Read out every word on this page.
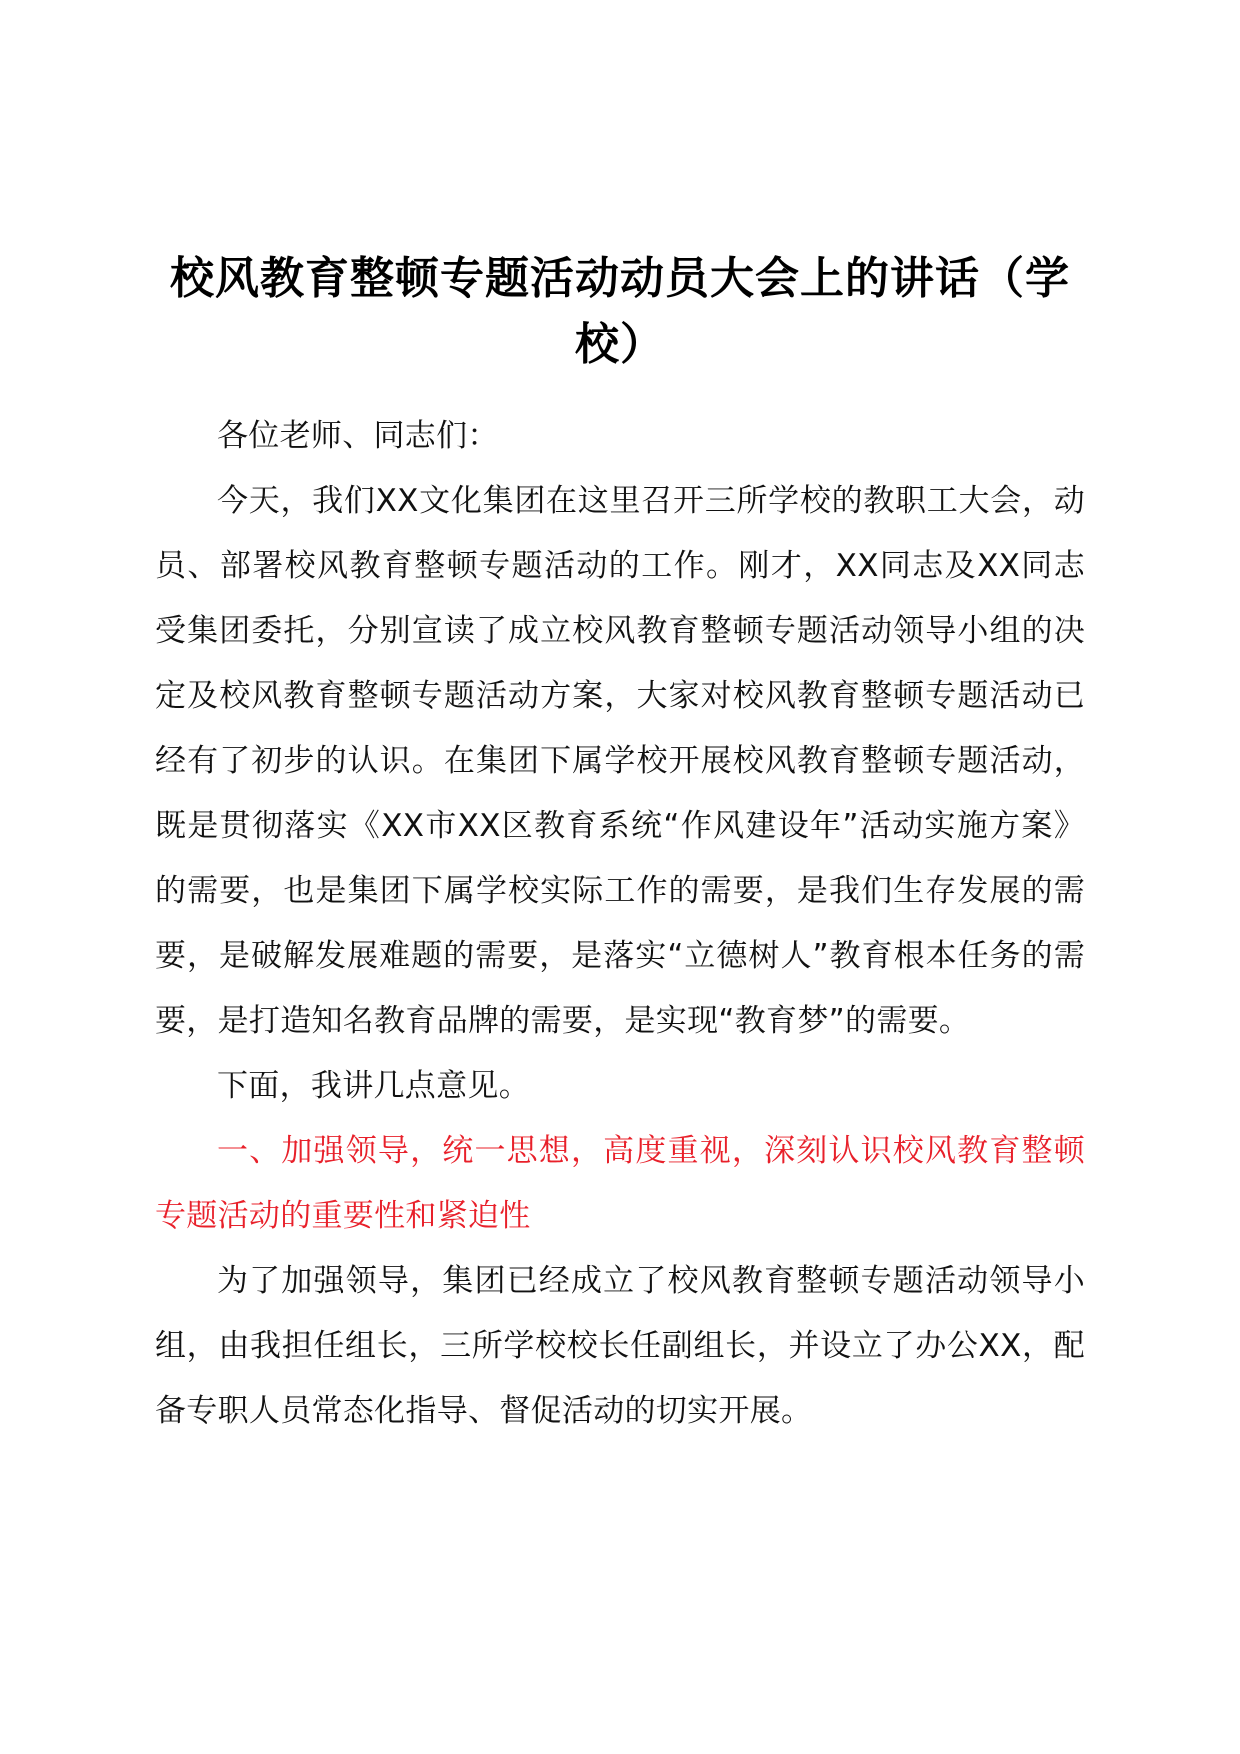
校风教育整顿专题活动动员大会上的讲话（学校）

各位老师、同志们：

今天，我们XX文化集团在这里召开三所学校的教职工大会，动员、部署校风教育整顿专题活动的工作。刚才，XX同志及XX同志受集团委托，分别宣读了成立校风教育整顿专题活动领导小组的决定及校风教育整顿专题活动方案，大家对校风教育整顿专题活动已经有了初步的认识。在集团下属学校开展校风教育整顿专题活动，既是贯彻落实《XX市XX区教育系统“作风建设年”活动实施方案》的需要，也是集团下属学校实际工作的需要，是我们生存发展的需要，是破解发展难题的需要，是落实“立德树人”教育根本任务的需要，是打造知名教育品牌的需要，是实现“教育梦”的需要。

下面，我讲几点意见。

一、加强领导，统一思想，高度重视，深刻认识校风教育整顿专题活动的重要性和紧迫性

为了加强领导，集团已经成立了校风教育整顿专题活动领导小组，由我担任组长，三所学校校长任副组长，并设立了办公XX，配备专职人员常态化指导、督促活动的切实开展。
